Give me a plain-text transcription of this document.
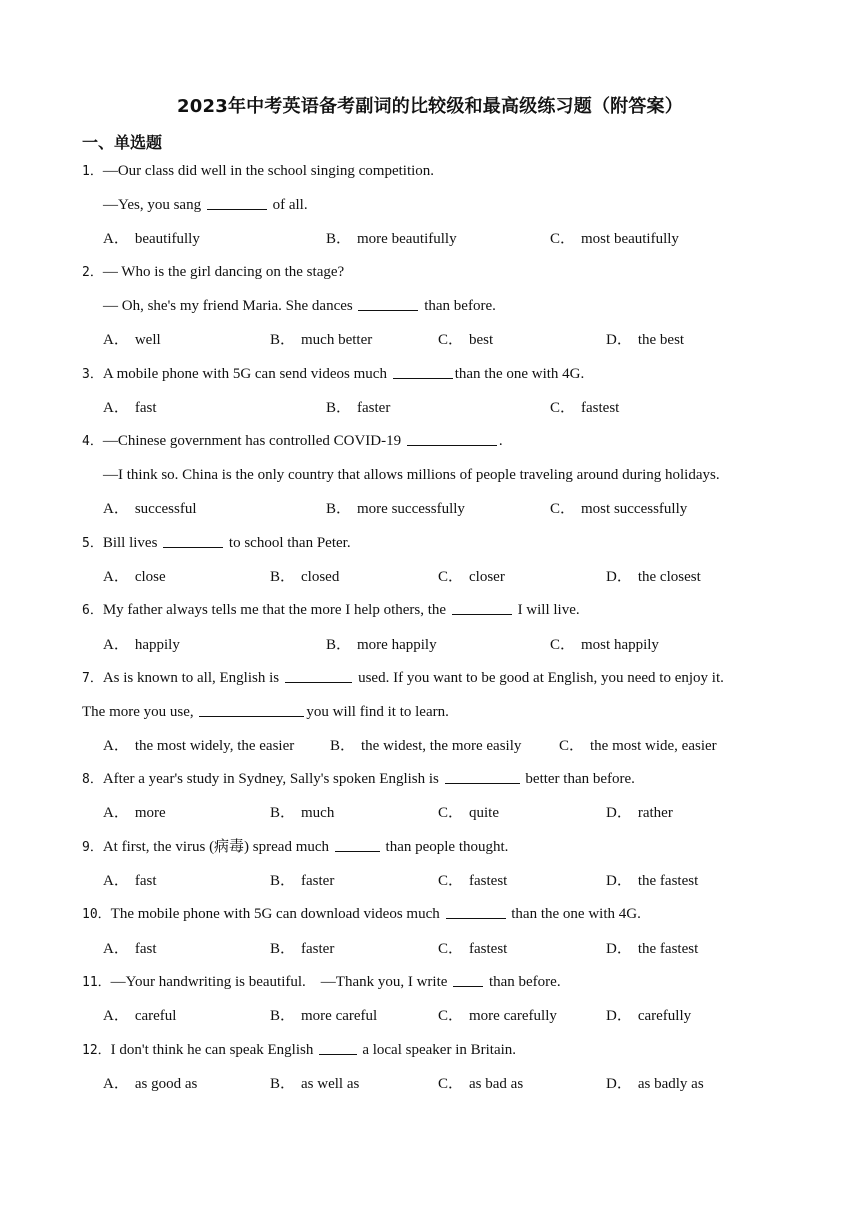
2023年中考英语备考副词的比较级和最高级练习题（附答案）
一、单选题
1．—Our class did well in the school singing competition.
—Yes, you sang	of all.
A． beautifully	B． more beautifully	C． most beautifully
2．— Who is the girl dancing on the stage?
— Oh, she's my friend Maria. She dances	than before.
A． well	B． much better	C． best	D． the best
3．A mobile phone with 5G can send videos much	than the one with 4G.
A． fast	B． faster	C． fastest
4．—Chinese government has controlled COVID-19	.
—I think so. China is the only country that allows millions of people traveling around during holidays.
A． successful	B． more successfully	C． most successfully
5．Bill lives	to school than Peter.
A． close	B． closed	C． closer	D． the closest
6．My father always tells me that the more I help others, the	I will live.
A． happily	B． more happily	C． most happily
7．As is known to all, English is	used. If you want to be good at English, you need to enjoy it.
The more you use,	you will find it to learn.
A． the most widely, the easier B． the widest, the more easily	C． the most wide, easier
8．After a year's study in Sydney, Sally's spoken English is	better than before.
A． more	B． much	C． quite	D． rather
9．At first, the virus (病毒) spread much	than people thought.
A． fast	B． faster	C． fastest	D． the fastest
10．The mobile phone with 5G can download videos much	than the one with 4G.
A． fast	B． faster	C． fastest	D． the fastest
11．—Your handwriting is beautiful.    —Thank you, I write  than before.
A． careful	B． more careful	C． more carefully	D． carefully
12．I don't think he can speak English	a local speaker in Britain.
A． as good as	B． as well as	C． as bad as	D． as badly as
